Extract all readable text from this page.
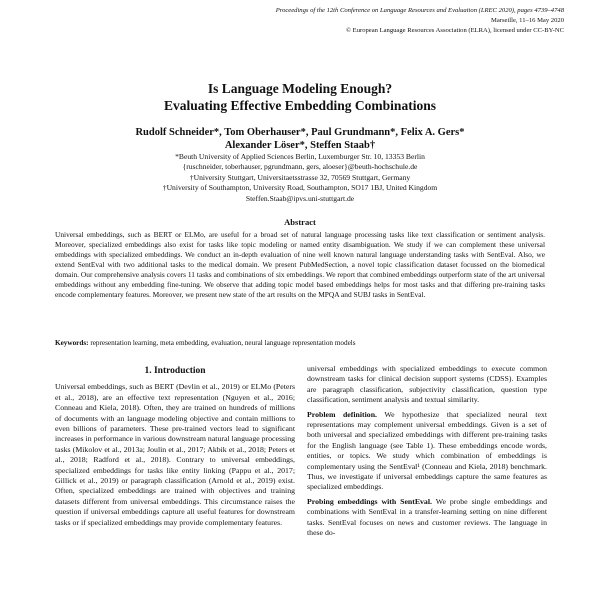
Proceedings of the 12th Conference on Language Resources and Evaluation (LREC 2020), pages 4739–4748
Marseille, 11–16 May 2020
© European Language Resources Association (ELRA), licensed under CC-BY-NC
Is Language Modeling Enough?
Evaluating Effective Embedding Combinations
Rudolf Schneider*, Tom Oberhauser*, Paul Grundmann*, Felix A. Gers*
Alexander Löser*, Steffen Staab†
*Beuth University of Applied Sciences Berlin, Luxemburger Str. 10, 13353 Berlin
{ruschneider, toberhauser, pgrundmann, gers, aloeser}@beuth-hochschule.de
†University Stuttgart, Universitaetsstrasse 32, 70569 Stuttgart, Germany
†University of Southampton, University Road, Southampton, SO17 1BJ, United Kingdom
Steffen.Staab@ipvs.uni-stuttgart.de
Abstract

Universal embeddings, such as BERT or ELMo, are useful for a broad set of natural language processing tasks like text classification or sentiment analysis. Moreover, specialized embeddings also exist for tasks like topic modeling or named entity disambiguation. We study if we can complement these universal embeddings with specialized embeddings. We conduct an in-depth evaluation of nine well known natural language understanding tasks with SentEval. Also, we extend SentEval with two additional tasks to the medical domain. We present PubMedSection, a novel topic classification dataset focussed on the biomedical domain. Our comprehensive analysis covers 11 tasks and combinations of six embeddings. We report that combined embeddings outperform state of the art universal embeddings without any embedding fine-tuning. We observe that adding topic model based embeddings helps for most tasks and that differing pre-training tasks encode complementary features. Moreover, we present new state of the art results on the MPQA and SUBJ tasks in SentEval.

Keywords: representation learning, meta embedding, evaluation, neural language representation models

1. Introduction

Universal embeddings, such as BERT (Devlin et al., 2019) or ELMo (Peters et al., 2018), are an effective text representation (Nguyen et al., 2016; Conneau and Kiela, 2018). Often, they are trained on hundreds of millions of documents with an language modeling objective and contain millions to even billions of parameters. These pre-trained vectors lead to significant increases in performance in various downstream natural language processing tasks (Mikolov et al., 2013a; Joulin et al., 2017; Akbik et al., 2018; Peters et al., 2018; Radford et al., 2018). Contrary to universal embeddings, specialized embeddings for tasks like entity linking (Pappu et al., 2017; Gillick et al., 2019) or paragraph classification (Arnold et al., 2019) exist. Often, specialized embeddings are trained with objectives and training datasets different from universal embeddings. This circumstance raises the question if universal embeddings capture all useful features for downstream tasks or if specialized embeddings may provide complementary features.

universal embeddings with specialized embeddings to execute common downstream tasks for clinical decision support systems (CDSS). Examples are paragraph classification, subjectivity classification, question type classification, sentiment analysis and textual similarity.

Problem definition. We hypothesize that specialized neural text representations may complement universal embeddings. Given is a set of both universal and specialized embeddings with different pre-training tasks for the English language (see Table 1). These embeddings encode words, entities, or topics. We study which combination of embeddings is complementary using the SentEval¹ (Conneau and Kiela, 2018) benchmark. Thus, we investigate if universal embeddings capture the same features as specialized embeddings.

Probing embeddings with SentEval. We probe single embeddings and combinations with SentEval in a transfer-learning setting on nine different tasks. SentEval focuses on news and customer reviews. The language in these do-
